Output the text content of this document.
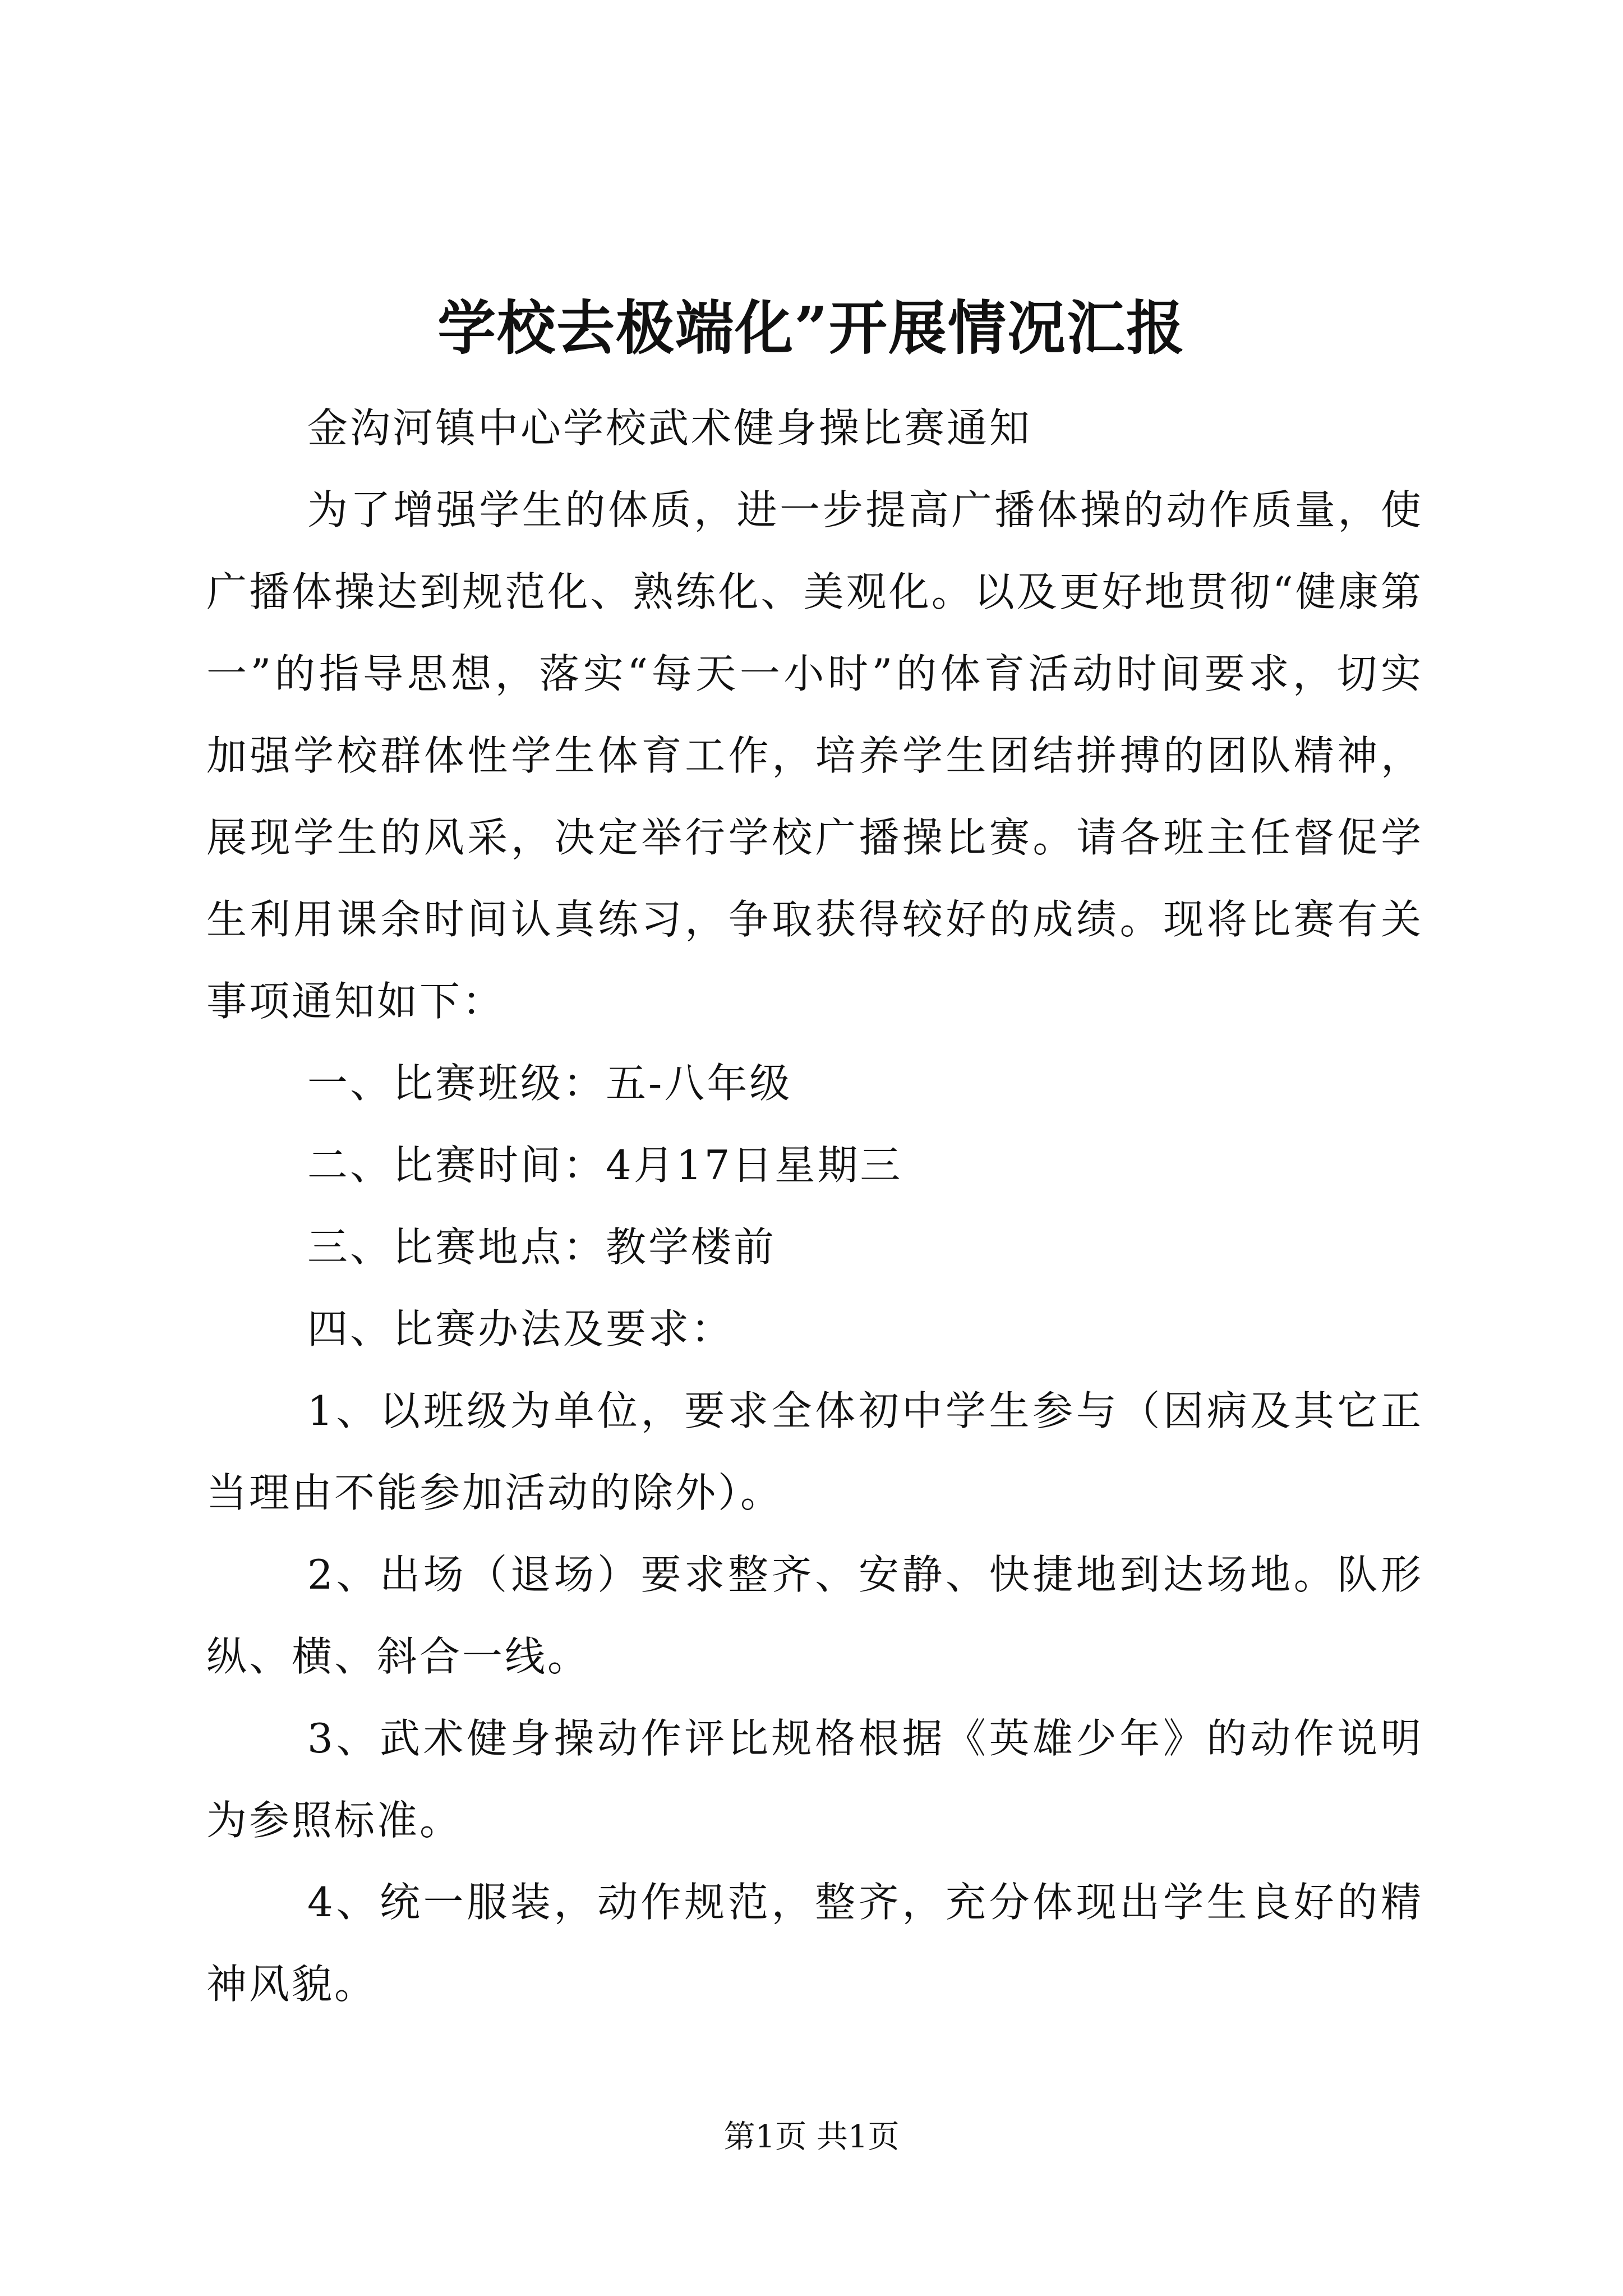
学校去极端化”开展情况汇报

金沟河镇中心学校武术健身操比赛通知

为了增强学生的体质，进一步提高广播体操的动作质量，使广播体操达到规范化、熟练化、美观化。以及更好地贯彻“健康第一”的指导思想，落实“每天一小时”的体育活动时间要求，切实加强学校群体性学生体育工作，培养学生团结拼搏的团队精神，展现学生的风采，决定举行学校广播操比赛。请各班主任督促学生利用课余时间认真练习，争取获得较好的成绩。现将比赛有关事项通知如下：

一、比赛班级：五-八年级

二、比赛时间：4月17日星期三

三、比赛地点：教学楼前

四、比赛办法及要求：

1、以班级为单位，要求全体初中学生参与（因病及其它正当理由不能参加活动的除外）。

2、出场（退场）要求整齐、安静、快捷地到达场地。队形纵、横、斜合一线。

3、武术健身操动作评比规格根据《英雄少年》的动作说明为参照标准。

4、统一服装，动作规范，整齐，充分体现出学生良好的精神风貌。

第1页 共1页
